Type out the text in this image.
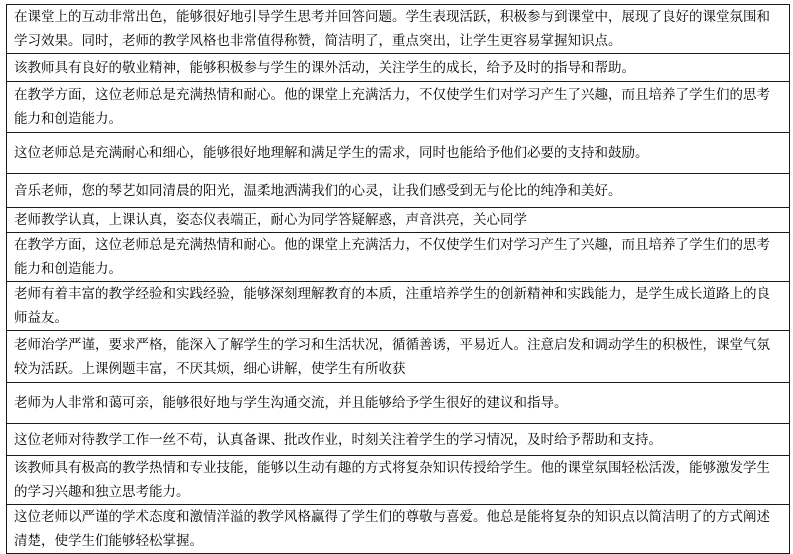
在课堂上的互动非常出色，能够很好地引导学生思考并回答问题。学生表现活跃，积极参与到课堂中，展现了良好的课堂氛围和学习效果。同时，老师的教学风格也非常值得称赞，简洁明了，重点突出，让学生更容易掌握知识点。

该教师具有良好的敬业精神，能够积极参与学生的课外活动，关注学生的成长，给予及时的指导和帮助。

在教学方面，这位老师总是充满热情和耐心。他的课堂上充满活力，不仅使学生们对学习产生了兴趣，而且培养了学生们的思考能力和创造能力。

这位老师总是充满耐心和细心，能够很好地理解和满足学生的需求，同时也能给予他们必要的支持和鼓励。

音乐老师，您的琴艺如同清晨的阳光，温柔地洒满我们的心灵，让我们感受到无与伦比的纯净和美好。

老师教学认真，上课认真，姿态仪表端正，耐心为同学答疑解惑，声音洪亮，关心同学

在教学方面，这位老师总是充满热情和耐心。他的课堂上充满活力，不仅使学生们对学习产生了兴趣，而且培养了学生们的思考能力和创造能力。

老师有着丰富的教学经验和实践经验，能够深刻理解教育的本质，注重培养学生的创新精神和实践能力，是学生成长道路上的良师益友。

老师治学严谨，要求严格，能深入了解学生的学习和生活状况，循循善诱，平易近人。注意启发和调动学生的积极性，课堂气氛较为活跃。上课例题丰富，不厌其烦，细心讲解，使学生有所收获

老师为人非常和蔼可亲，能够很好地与学生沟通交流，并且能够给予学生很好的建议和指导。

这位老师对待教学工作一丝不苟，认真备课、批改作业，时刻关注着学生的学习情况，及时给予帮助和支持。

该教师具有极高的教学热情和专业技能，能够以生动有趣的方式将复杂知识传授给学生。他的课堂氛围轻松活泼，能够激发学生的学习兴趣和独立思考能力。

这位老师以严谨的学术态度和激情洋溢的教学风格赢得了学生们的尊敬与喜爱。他总是能将复杂的知识点以简洁明了的方式阐述清楚，使学生们能够轻松掌握。
